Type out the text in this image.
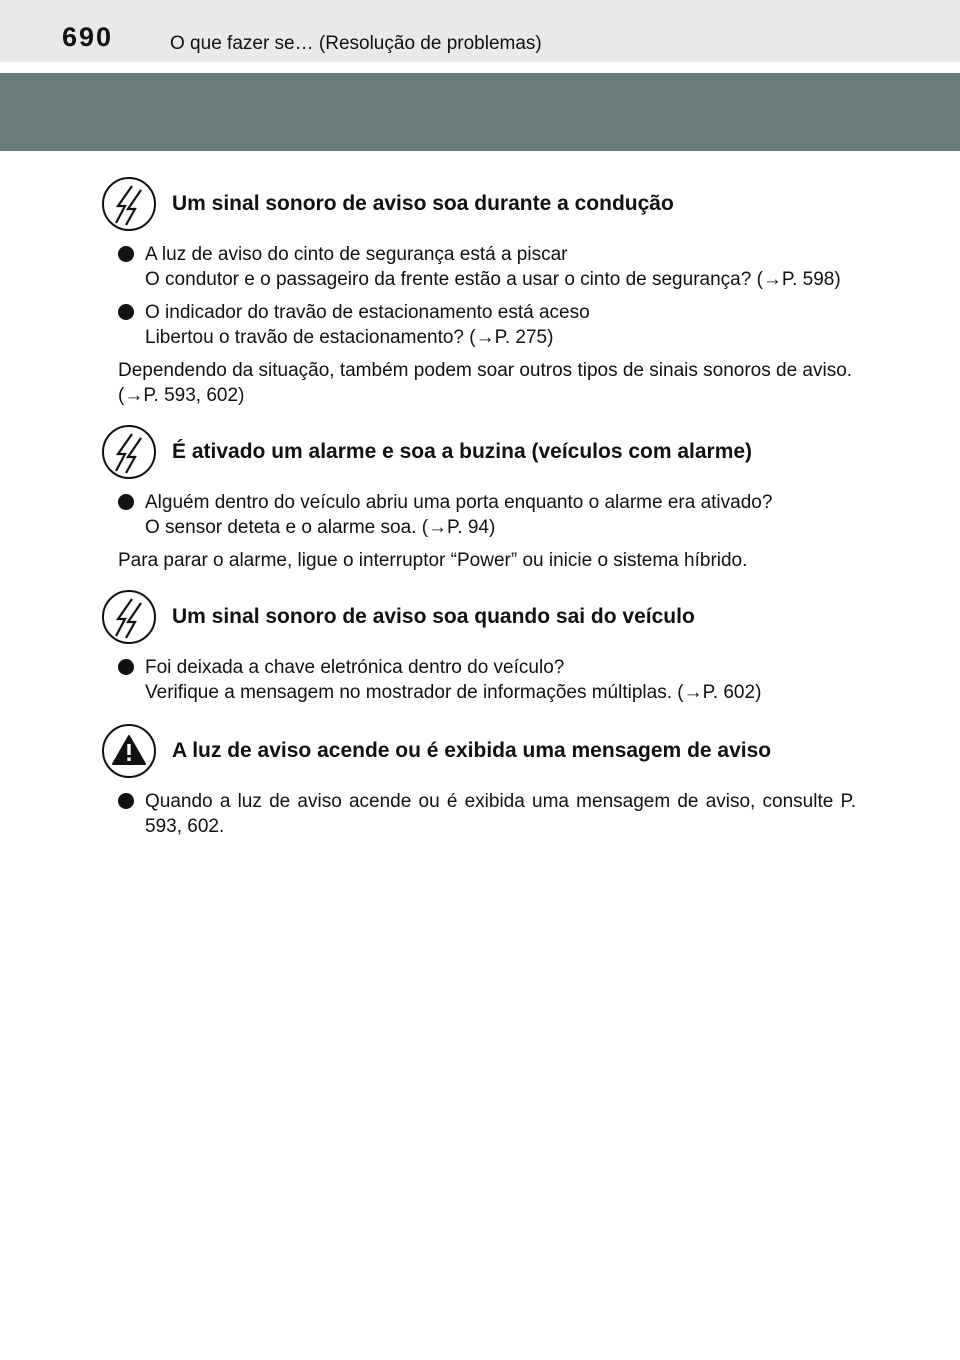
690	O que fazer se… (Resolução de problemas)
Um sinal sonoro de aviso soa durante a condução
A luz de aviso do cinto de segurança está a piscar
O condutor e o passageiro da frente estão a usar o cinto de segurança? (→P. 598)
O indicador do travão de estacionamento está aceso
Libertou o travão de estacionamento? (→P. 275)
Dependendo da situação, também podem soar outros tipos de sinais sonoros de aviso.
(→P. 593, 602)
É ativado um alarme e soa a buzina (veículos com alarme)
Alguém dentro do veículo abriu uma porta enquanto o alarme era ativado?
O sensor deteta e o alarme soa. (→P. 94)
Para parar o alarme, ligue o interruptor “Power” ou inicie o sistema híbrido.
Um sinal sonoro de aviso soa quando sai do veículo
Foi deixada a chave eletrónica dentro do veículo?
Verifique a mensagem no mostrador de informações múltiplas. (→P. 602)
A luz de aviso acende ou é exibida uma mensagem de aviso
Quando a luz de aviso acende ou é exibida uma mensagem de aviso, consulte P. 593, 602.
